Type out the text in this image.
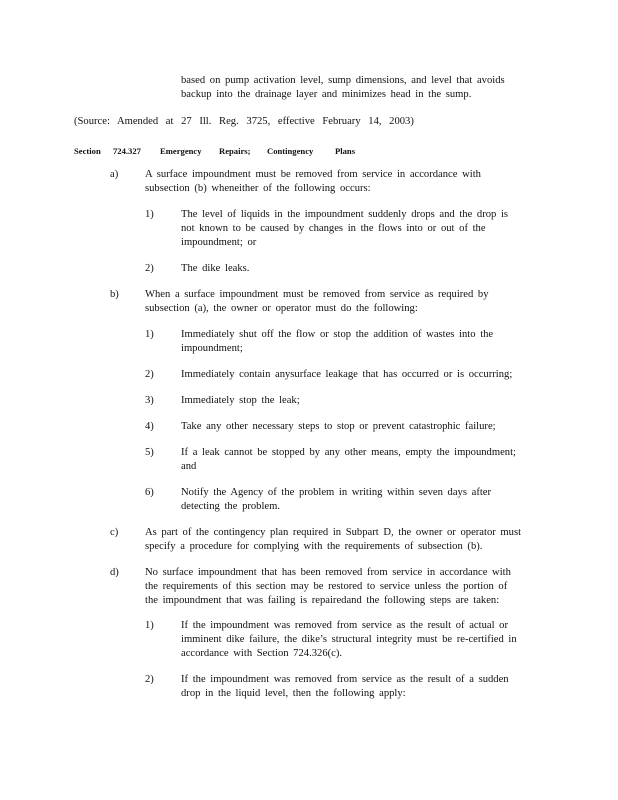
based on pump activation level, sump dimensions, and level that avoids
backup into the drainage layer and minimizes head in the sump.
(Source: Amended at 27 Ill. Reg. 3725, effective February 14, 2003)
Section 724.327 Emergency Repairs; Contingency	Plans
a)	A surface impoundment must be removed from service in accordance with
subsection (b) wheneither of the following occurs:
1)	The level of liquids in the impoundment suddenly drops and the drop is
not known to be caused by changes in the flows into or out of the
impoundment; or
2)	The dike leaks.
b) When a surface impoundment must be removed from service as required by
subsection (a), the owner or operator must do the following:
1)	Immediately shut off the flow or stop the addition of wastes into the
impoundment;
2)	Immediately contain anysurface leakage that has occurred or is occurring;
3)	Immediately stop the leak;
4)	Take any other necessary steps to stop or prevent catastrophic failure;
5)	If a leak cannot be stopped by any other means, empty the impoundment;
and
6)	Notify the Agency of the problem in writing within seven days after
detecting the problem.
c)	As part of the contingency plan required in Subpart D, the owner or operator must
specify a procedure for complying with the requirements of subsection (b).
d) No surface impoundment that has been removed from service in accordance with
the requirements of this section may be restored to service unless the portion of
the impoundment that was failing is repairedand the following steps are taken:
1)	If the impoundment was removed from service as the result of actual or
imminent dike failure, the dike’s structural integrity must be re-certified in
accordance with Section 724.326(c).
2)	If the impoundment was removed from service as the result of a sudden
drop in the liquid level, then the following apply:
